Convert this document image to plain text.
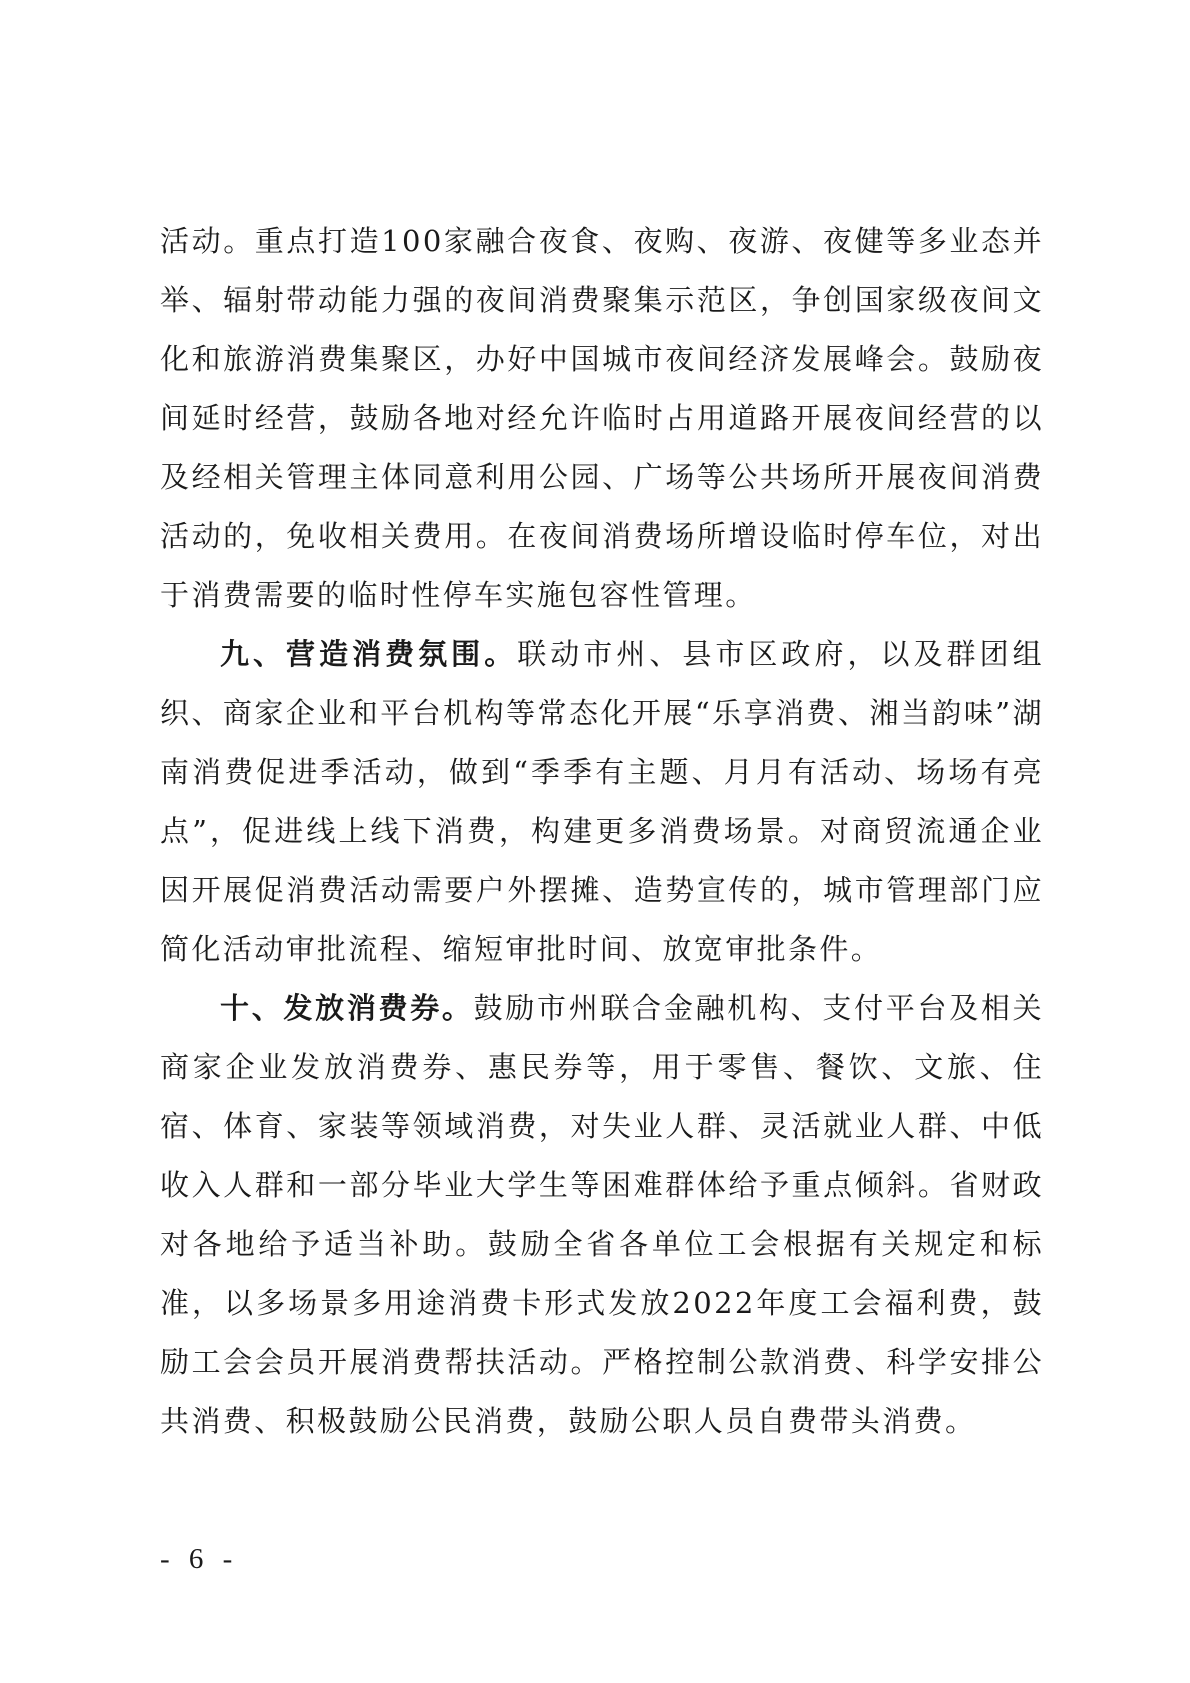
活动。重点打造100家融合夜食、夜购、夜游、夜健等多业态并举、辐射带动能力强的夜间消费聚集示范区，争创国家级夜间文化和旅游消费集聚区，办好中国城市夜间经济发展峰会。鼓励夜间延时经营，鼓励各地对经允许临时占用道路开展夜间经营的以及经相关管理主体同意利用公园、广场等公共场所开展夜间消费活动的，免收相关费用。在夜间消费场所增设临时停车位，对出于消费需要的临时性停车实施包容性管理。

九、营造消费氛围。联动市州、县市区政府，以及群团组织、商家企业和平台机构等常态化开展“乐享消费、湘当韵味”湖南消费促进季活动，做到“季季有主题、月月有活动、场场有亮点”，促进线上线下消费，构建更多消费场景。对商贸流通企业因开展促消费活动需要户外摆摊、造势宣传的，城市管理部门应简化活动审批流程、缩短审批时间、放宽审批条件。

十、发放消费券。鼓励市州联合金融机构、支付平台及相关商家企业发放消费券、惠民券等，用于零售、餐饮、文旅、住宿、体育、家装等领域消费，对失业人群、灵活就业人群、中低收入人群和一部分毕业大学生等困难群体给予重点倾斜。省财政对各地给予适当补助。鼓励全省各单位工会根据有关规定和标准，以多场景多用途消费卡形式发放2022年度工会福利费，鼓励工会会员开展消费帮扶活动。严格控制公款消费、科学安排公共消费、积极鼓励公民消费，鼓励公职人员自费带头消费。

- 6 -
